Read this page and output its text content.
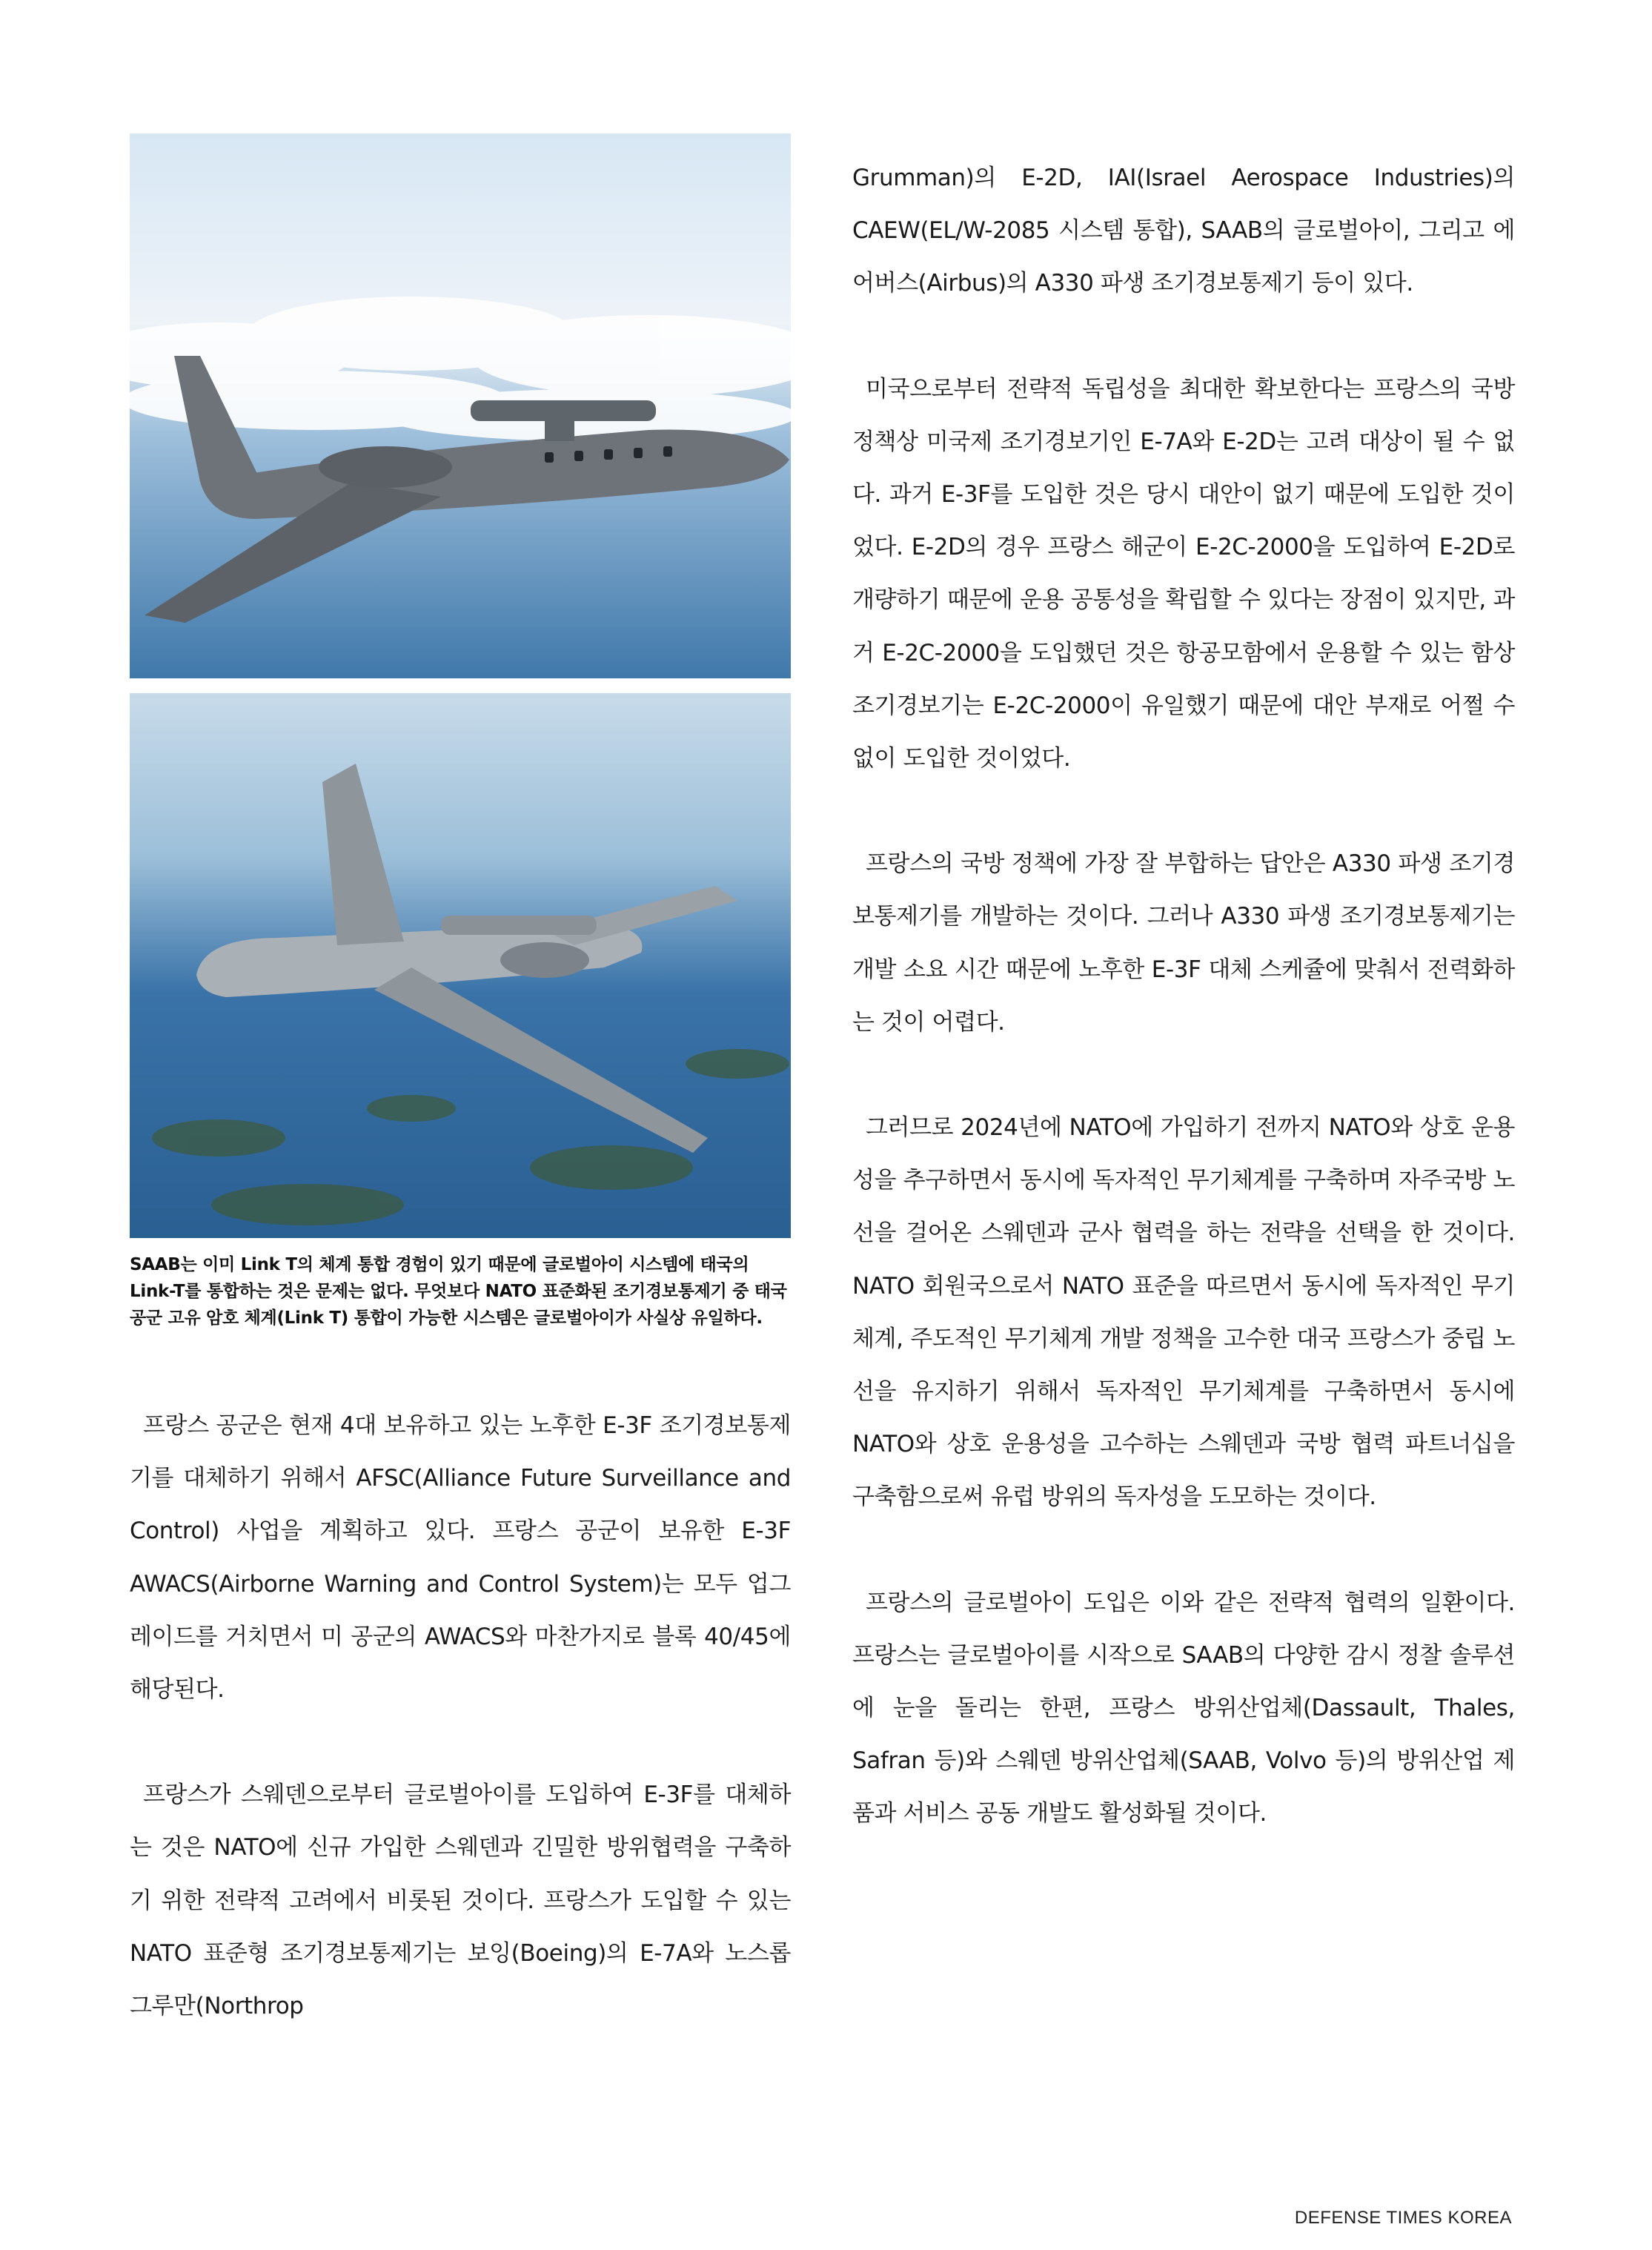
SAAB는 이미 Link T의 체계 통합 경험이 있기 때문에 글로벌아이 시스템에 태국의 Link-T를 통합하는 것은 문제는 없다. 무엇보다 NATO 표준화된 조기경보통제기 중 태국 공군 고유 암호 체계(Link T) 통합이 가능한 시스템은 글로벌아이가 사실상 유일하다.

프랑스 공군은 현재 4대 보유하고 있는 노후한 E-3F 조기경보통제기를 대체하기 위해서 AFSC(Alliance Future Surveillance and Control) 사업을 계획하고 있다. 프랑스 공군이 보유한 E-3F AWACS(Airborne Warning and Control System)는 모두 업그레이드를 거치면서 미 공군의 AWACS와 마찬가지로 블록 40/45에 해당된다.

프랑스가 스웨덴으로부터 글로벌아이를 도입하여 E-3F를 대체하는 것은 NATO에 신규 가입한 스웨덴과 긴밀한 방위협력을 구축하기 위한 전략적 고려에서 비롯된 것이다. 프랑스가 도입할 수 있는 NATO 표준형 조기경보통제기는 보잉(Boeing)의 E-7A와 노스롭 그루만(Northrop

Grumman)의 E-2D, IAI(Israel Aerospace Industries)의 CAEW(EL/W-2085 시스템 통합), SAAB의 글로벌아이, 그리고 에어버스(Airbus)의 A330 파생 조기경보통제기 등이 있다.

미국으로부터 전략적 독립성을 최대한 확보한다는 프랑스의 국방 정책상 미국제 조기경보기인 E-7A와 E-2D는 고려 대상이 될 수 없다. 과거 E-3F를 도입한 것은 당시 대안이 없기 때문에 도입한 것이었다. E-2D의 경우 프랑스 해군이 E-2C-2000을 도입하여 E-2D로 개량하기 때문에 운용 공통성을 확립할 수 있다는 장점이 있지만, 과거 E-2C-2000을 도입했던 것은 항공모함에서 운용할 수 있는 함상 조기경보기는 E-2C-2000이 유일했기 때문에 대안 부재로 어쩔 수 없이 도입한 것이었다.

프랑스의 국방 정책에 가장 잘 부합하는 답안은 A330 파생 조기경보통제기를 개발하는 것이다. 그러나 A330 파생 조기경보통제기는 개발 소요 시간 때문에 노후한 E-3F 대체 스케쥴에 맞춰서 전력화하는 것이 어렵다.

그러므로 2024년에 NATO에 가입하기 전까지 NATO와 상호 운용성을 추구하면서 동시에 독자적인 무기체계를 구축하며 자주국방 노선을 걸어온 스웨덴과 군사 협력을 하는 전략을 선택을 한 것이다. NATO 회원국으로서 NATO 표준을 따르면서 동시에 독자적인 무기체계, 주도적인 무기체계 개발 정책을 고수한 대국 프랑스가 중립 노선을 유지하기 위해서 독자적인 무기체계를 구축하면서 동시에 NATO와 상호 운용성을 고수하는 스웨덴과 국방 협력 파트너십을 구축함으로써 유럽 방위의 독자성을 도모하는 것이다.

프랑스의 글로벌아이 도입은 이와 같은 전략적 협력의 일환이다. 프랑스는 글로벌아이를 시작으로 SAAB의 다양한 감시 정찰 솔루션에 눈을 돌리는 한편, 프랑스 방위산업체(Dassault, Thales, Safran 등)와 스웨덴 방위산업체(SAAB, Volvo 등)의 방위산업 제품과 서비스 공동 개발도 활성화될 것이다.

DEFENSE TIMES KOREA
